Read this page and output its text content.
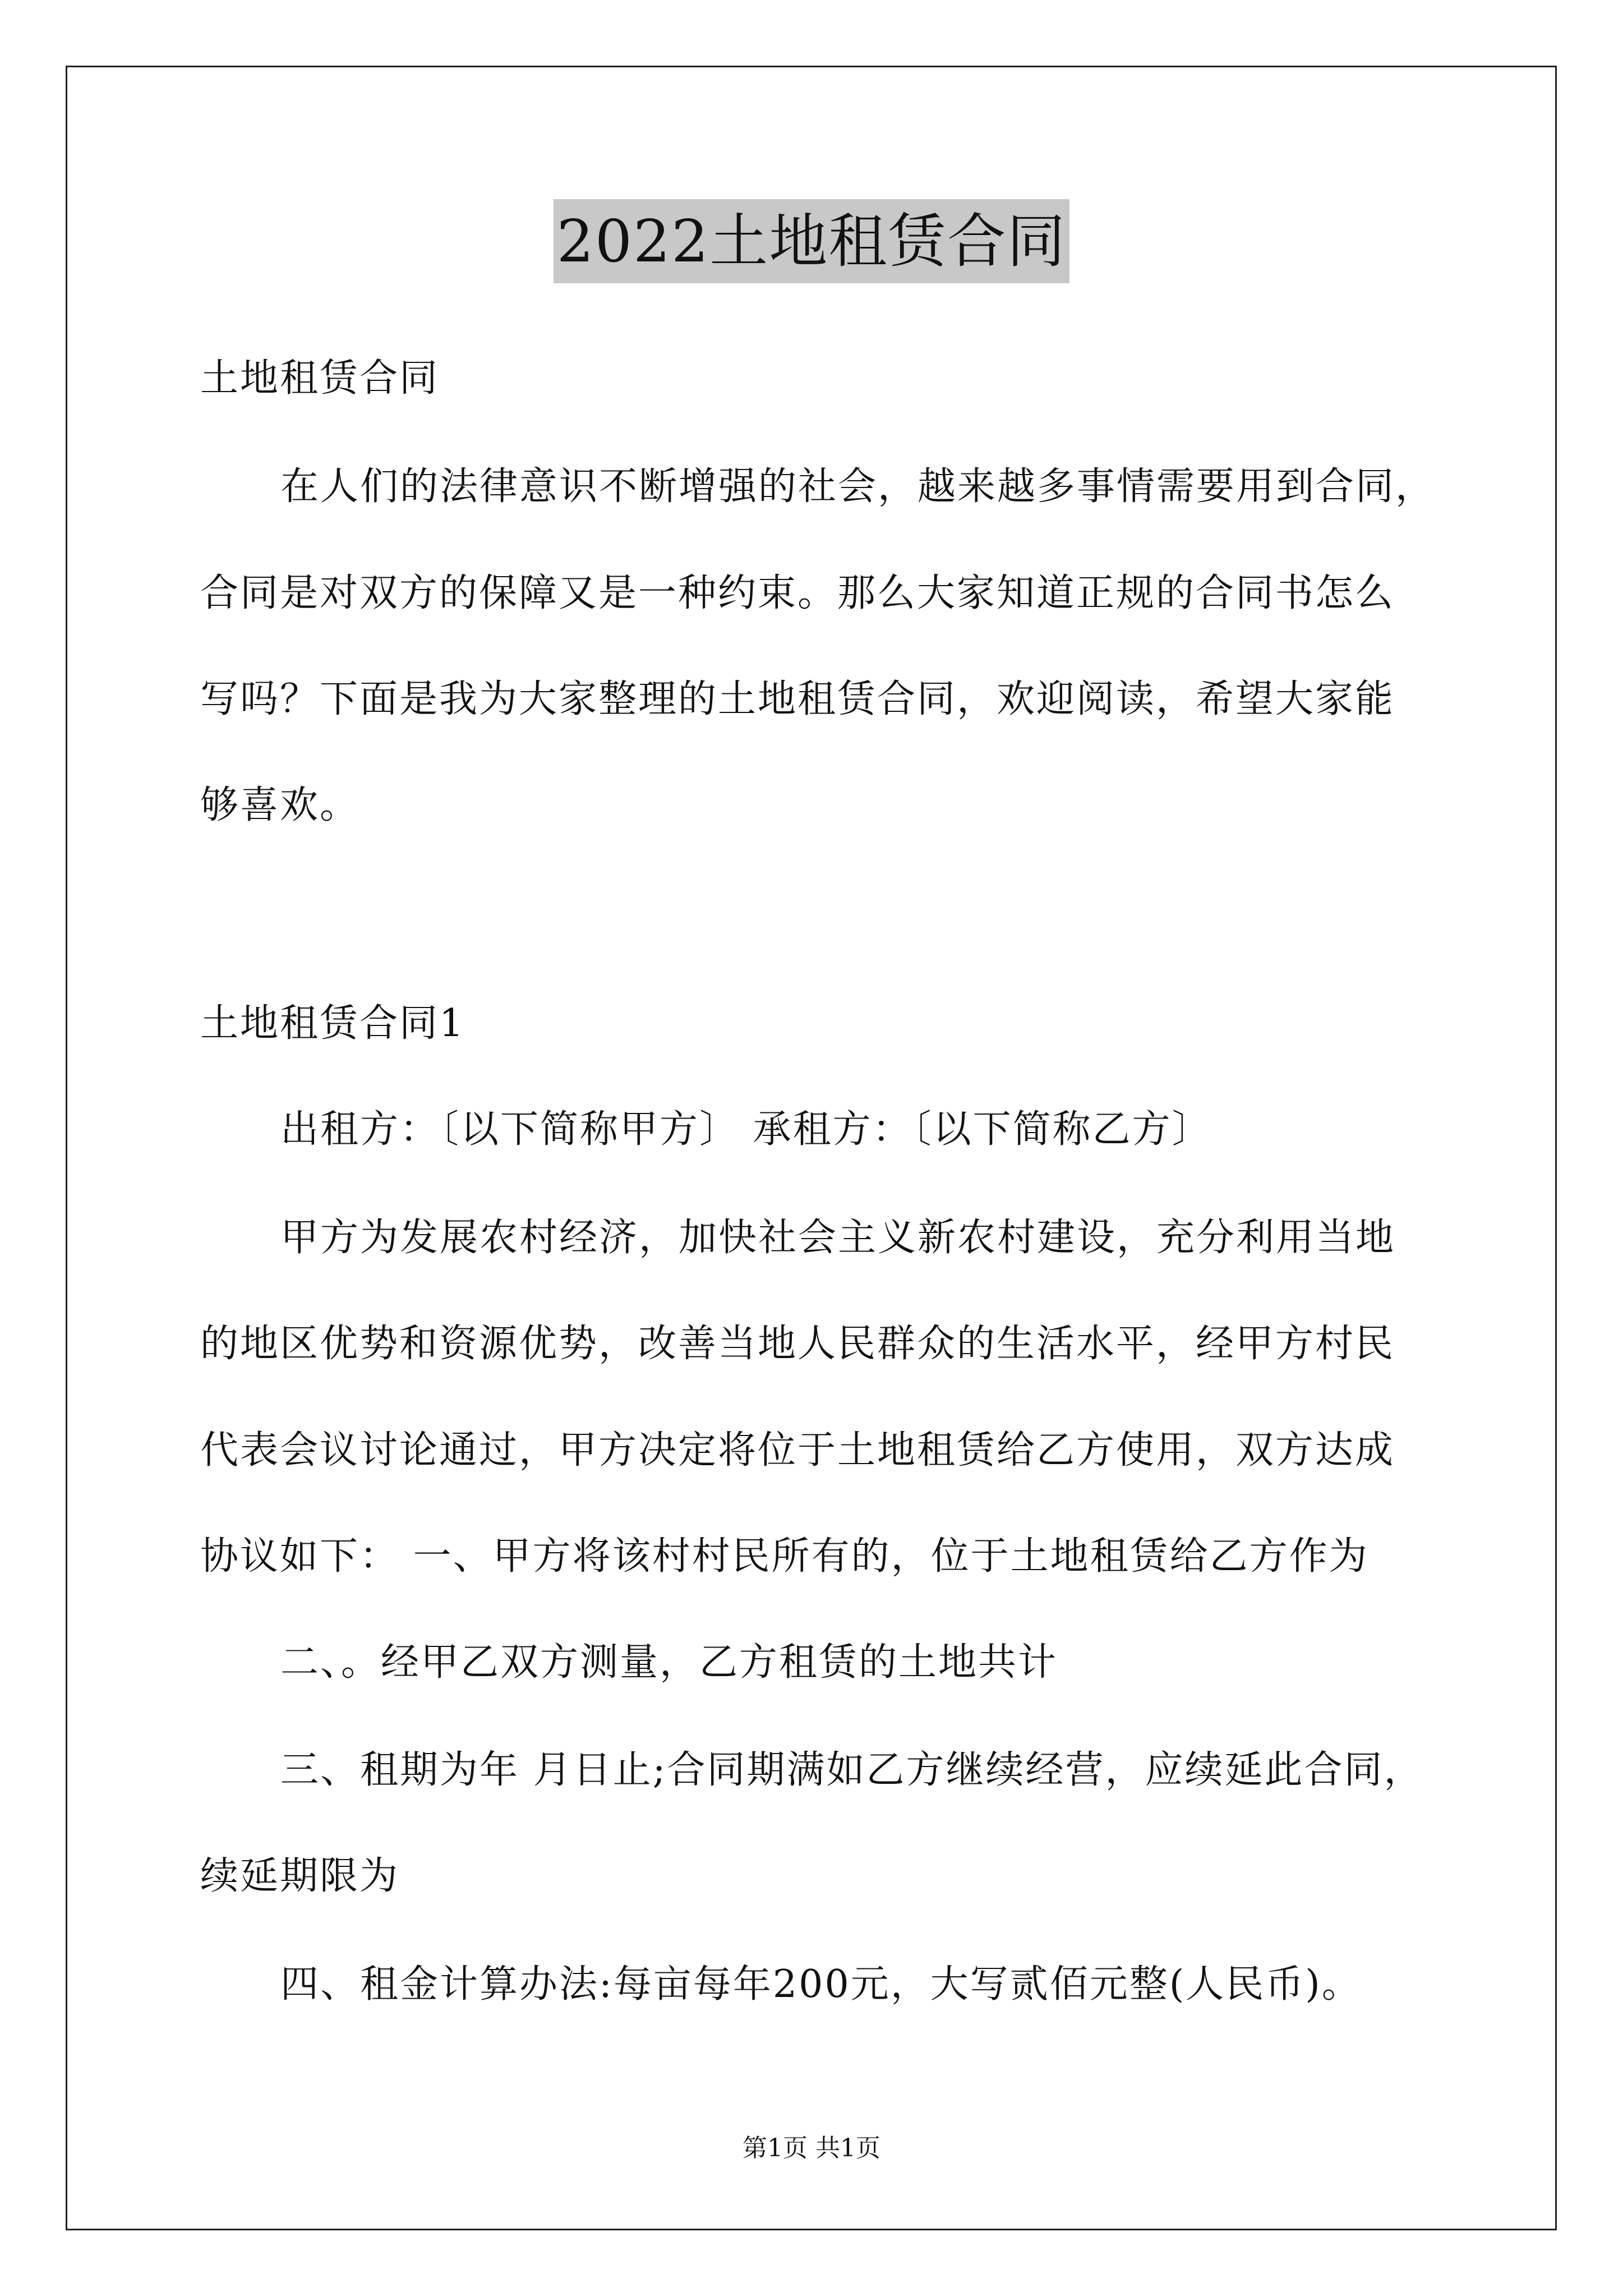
2022土地租赁合同
土地租赁合同
在人们的法律意识不断增强的社会，越来越多事情需要用到合同，
合同是对双方的保障又是一种约束。那么大家知道正规的合同书怎么
写吗？下面是我为大家整理的土地租赁合同，欢迎阅读，希望大家能
够喜欢。
土地租赁合同1
出租方：〔以下简称甲方〕 承租方：〔以下简称乙方〕
甲方为发展农村经济，加快社会主义新农村建设，充分利用当地
的地区优势和资源优势，改善当地人民群众的生活水平，经甲方村民
代表会议讨论通过，甲方决定将位于土地租赁给乙方使用，双方达成
协议如下： 一、甲方将该村村民所有的，位于土地租赁给乙方作为
二、。经甲乙双方测量，乙方租赁的土地共计
三、租期为年 月日止;合同期满如乙方继续经营，应续延此合同，
续延期限为
四、租金计算办法:每亩每年200元，大写贰佰元整(人民币)。
第1页 共1页
